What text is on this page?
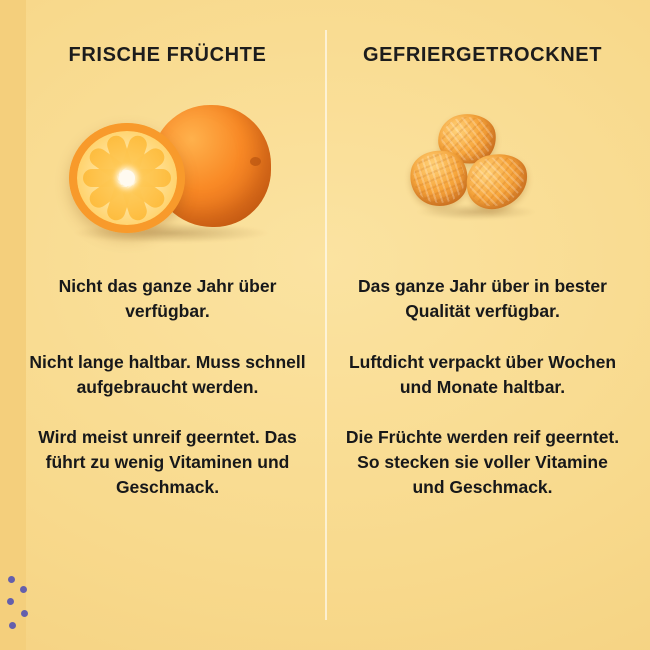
FRISCHE FRÜCHTE
Nicht das ganze Jahr über verfügbar.
Nicht lange haltbar. Muss schnell aufgebraucht werden.
Wird meist unreif geerntet. Das führt zu wenig Vitaminen und Geschmack.
GEFRIERGETROCKNET
Das ganze Jahr über in bester Qualität verfügbar.
Luftdicht verpackt über Wochen und Monate haltbar.
Die Früchte werden reif geerntet. So stecken sie voller Vitamine und Geschmack.
